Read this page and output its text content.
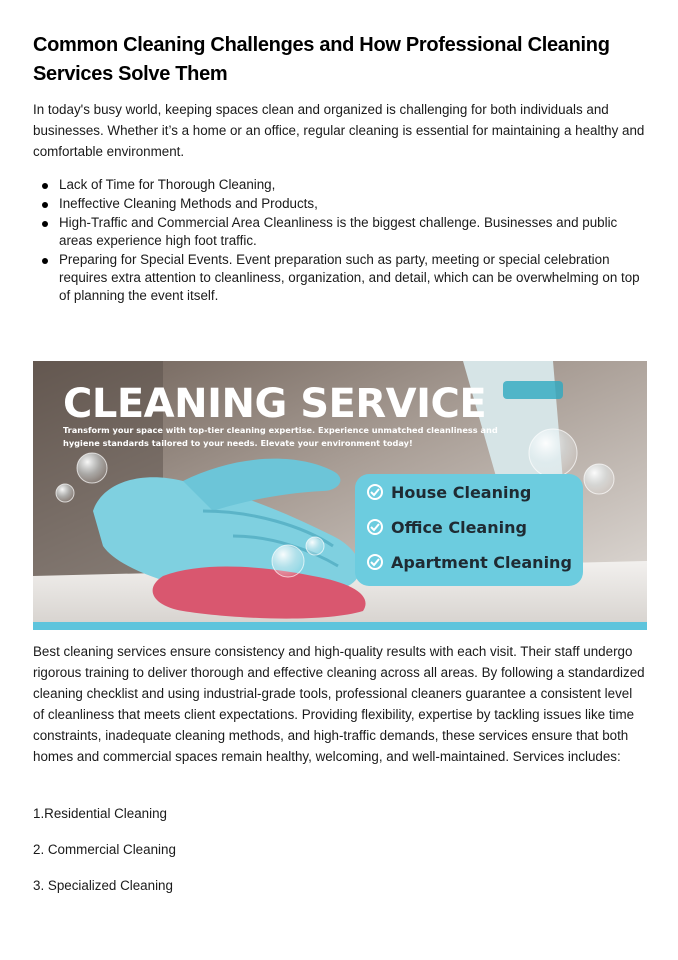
Common Cleaning Challenges and How Professional Cleaning Services Solve Them

In today's busy world, keeping spaces clean and organized is challenging for both individuals and businesses. Whether it’s a home or an office, regular cleaning is essential for maintaining a healthy and comfortable environment.

Lack of Time for Thorough Cleaning,
Ineffective Cleaning Methods and Products,
High-Traffic and Commercial Area Cleanliness is the biggest challenge. Businesses and public areas experience high foot traffic.
Preparing for Special Events. Event preparation such as party, meeting or special celebration requires extra attention to cleanliness, organization, and detail, which can be overwhelming on top of planning the event itself.
CLEANING SERVICE
Transform your space with top-tier cleaning expertise. Experience unmatched cleanliness and
hygiene standards tailored to your needs. Elevate your environment today!
House Cleaning
Office Cleaning
Apartment Cleaning

Best cleaning services ensure consistency and high-quality results with each visit. Their staff undergo rigorous training to deliver thorough and effective cleaning across all areas. By following a standardized cleaning checklist and using industrial-grade tools, professional cleaners guarantee a consistent level of cleanliness that meets client expectations. Providing flexibility, expertise by tackling issues like time constraints, inadequate cleaning methods, and high-traffic demands, these services ensure that both homes and commercial spaces remain healthy, welcoming, and well-maintained. Services includes:

1.Residential Cleaning
2. Commercial Cleaning
3. Specialized Cleaning
